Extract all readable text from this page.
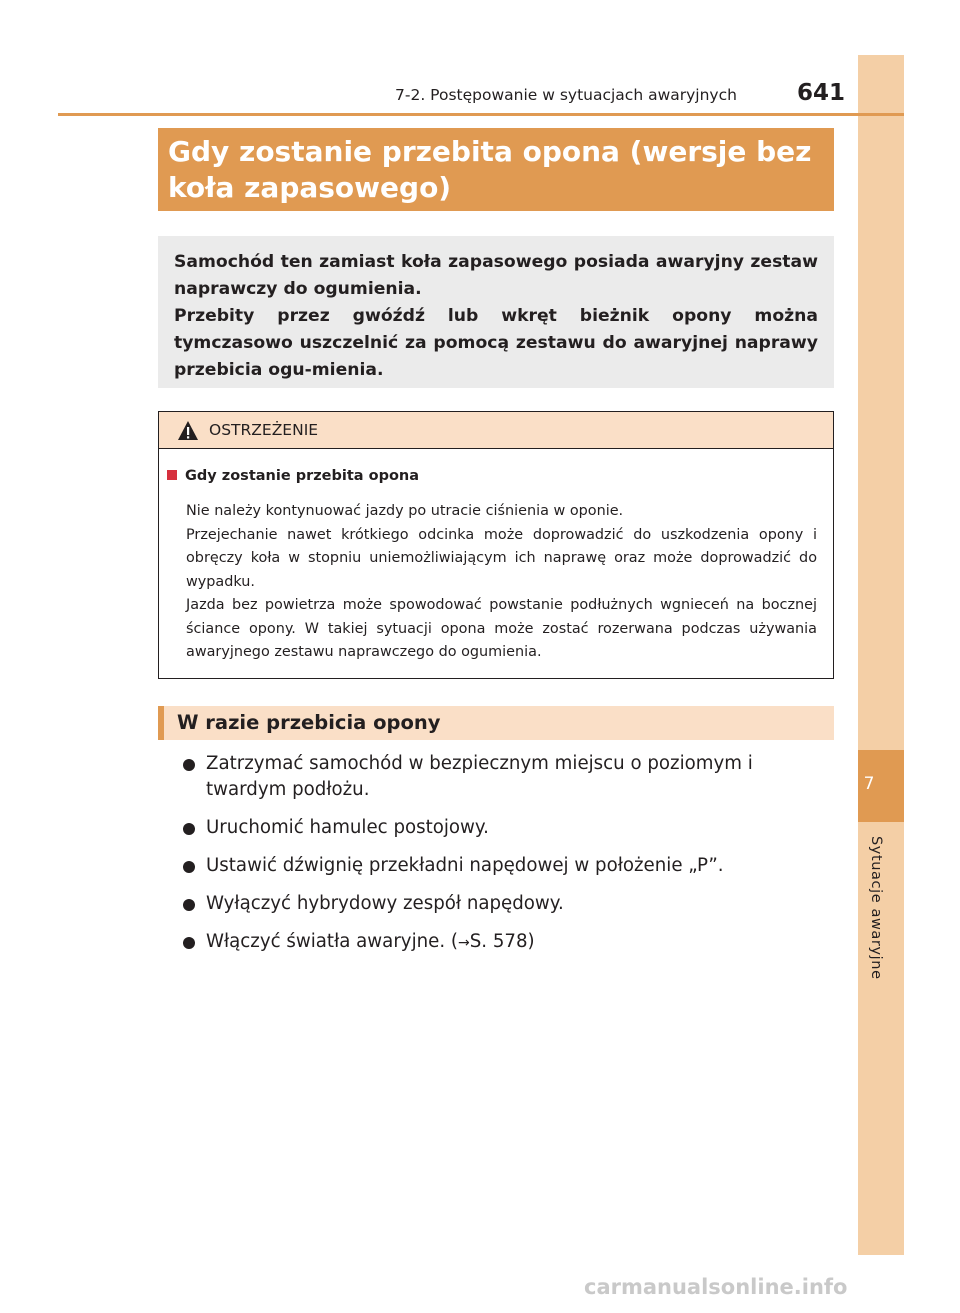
7
Sytuacje awaryjne
7-2. Postępowanie w sytuacjach awaryjnych	641
Gdy zostanie przebita opona (wersje bez koła zapasowego)

Samochód ten zamiast koła zapasowego posiada awaryjny zestaw naprawczy do ogumienia.

Przebity przez gwóźdź lub wkręt bieżnik opony można tymczasowo uszczelnić za pomocą zestawu do awaryjnej naprawy przebicia ogu-mienia.

OSTRZEŻENIE
Gdy zostanie przebita opona

Nie należy kontynuować jazdy po utracie ciśnienia w oponie.

Przejechanie nawet krótkiego odcinka może doprowadzić do uszkodzenia opony i obręczy koła w stopniu uniemożliwiającym ich naprawę oraz może doprowadzić do wypadku.

Jazda bez powietrza może spowodować powstanie podłużnych wgnieceń na bocznej ściance opony. W takiej sytuacji opona może zostać rozerwana podczas używania awaryjnego zestawu naprawczego do ogumienia.

W razie przebicia opony
Zatrzymać samochód w bezpiecznym miejscu o poziomym i twardym podłożu.
Uruchomić hamulec postojowy.
Ustawić dźwignię przekładni napędowej w położenie „P”.
Wyłączyć hybrydowy zespół napędowy.
Włączyć światła awaryjne. (→S. 578)
carmanualsonline.info
